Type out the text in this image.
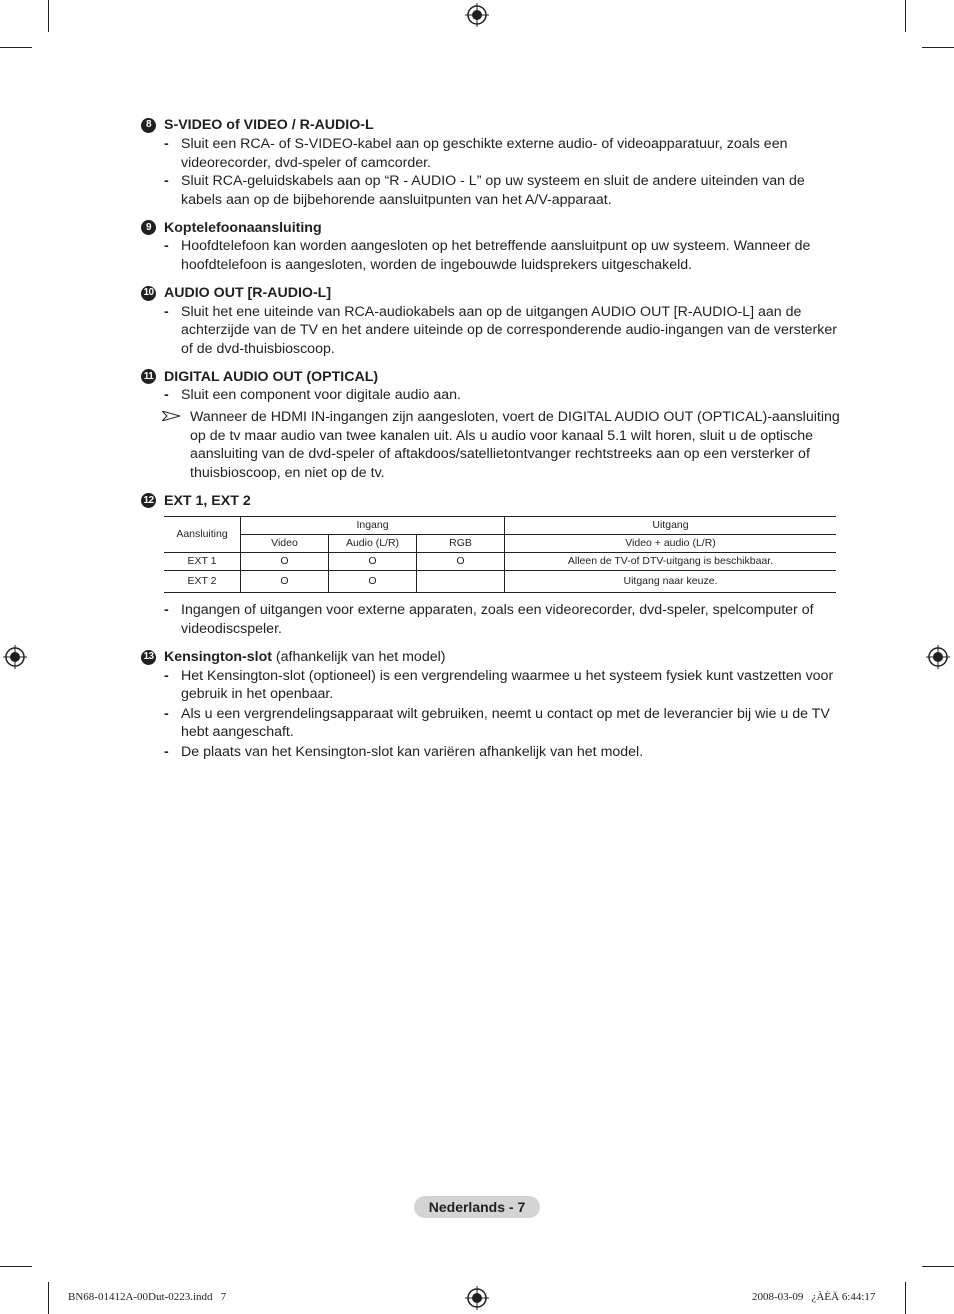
8 S-VIDEO of VIDEO / R-AUDIO-L
- Sluit een RCA- of S-VIDEO-kabel aan op geschikte externe audio- of videoapparatuur, zoals een videorecorder, dvd-speler of camcorder.
- Sluit RCA-geluidskabels aan op “R - AUDIO - L” op uw systeem en sluit de andere uiteinden van de kabels aan op de bijbehorende aansluitpunten van het A/V-apparaat.
9 Koptelefoonaansluiting
- Hoofdtelefoon kan worden aangesloten op het betreffende aansluitpunt op uw systeem. Wanneer de hoofdtelefoon is aangesloten, worden de ingebouwde luidsprekers uitgeschakeld.
10 AUDIO OUT [R-AUDIO-L]
- Sluit het ene uiteinde van RCA-audiokabels aan op de uitgangen AUDIO OUT [R-AUDIO-L] aan de achterzijde van de TV en het andere uiteinde op de corresponderende audio-ingangen van de versterker of de dvd-thuisbioscoop.
11 DIGITAL AUDIO OUT (OPTICAL)
- Sluit een component voor digitale audio aan.
Wanneer de HDMI IN-ingangen zijn aangesloten, voert de DIGITAL AUDIO OUT (OPTICAL)-aansluiting op de tv maar audio van twee kanalen uit. Als u audio voor kanaal 5.1 wilt horen, sluit u de optische aansluiting van de dvd-speler of aftakdoos/satellietontvanger rechtstreeks aan op een versterker of thuisbioscoop, en niet op de tv.
12 EXT 1, EXT 2
Aansluiting	Ingang			Uitgang
	Video	Audio (L/R)	RGB	Video + audio (L/R)
EXT 1	O	O	O	Alleen de TV-of DTV-uitgang is beschikbaar.
EXT 2	O	O		Uitgang naar keuze.
- Ingangen of uitgangen voor externe apparaten, zoals een videorecorder, dvd-speler, spelcomputer of videodiscspeler.
13 Kensington-slot (afhankelijk van het model)
- Het Kensington-slot (optioneel) is een vergrendeling waarmee u het systeem fysiek kunt vastzetten voor gebruik in het openbaar.
- Als u een vergrendelingsapparaat wilt gebruiken, neemt u contact op met de leverancier bij wie u de TV hebt aangeschaft.
- De plaats van het Kensington-slot kan variëren afhankelijk van het model.
Nederlands - 7
BN68-01412A-00Dut-0223.indd   7	2008-03-09   ¿ÀÈÄ 6:44:17
